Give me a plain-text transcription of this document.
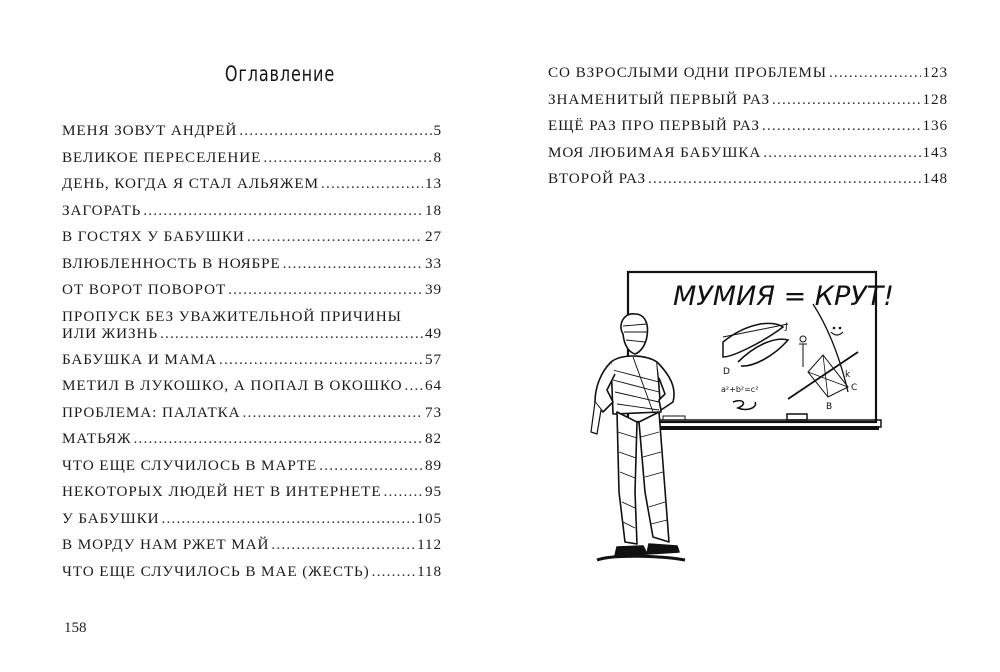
Оглавление
МЕНЯ ЗОВУТ АНДРЕЙ .....	5
ВЕЛИКОЕ ПЕРЕСЕЛЕНИЕ .....	8
ДЕНЬ, КОГДА Я СТАЛ АЛЬЯЖЕМ .....	13
ЗАГОРАТЬ .....	18
В ГОСТЯХ У БАБУШКИ .....	27
ВЛЮБЛЕННОСТЬ В НОЯБРЕ .....	33
ОТ ВОРОТ ПОВОРОТ .....	39
ПРОПУСК БЕЗ УВАЖИТЕЛЬНОЙ ПРИЧИНЫ
ИЛИ ЖИЗНЬ .....	49
БАБУШКА И МАМА .....	57
МЕТИЛ В ЛУКОШКО, А ПОПАЛ В ОКОШКО ..... 64
ПРОБЛЕМА: ПАЛАТКА .....	73
МАТЬЯЖ .....	82
ЧТО ЕЩЕ СЛУЧИЛОСЬ В МАРТЕ .....	89
НЕКОТОРЫХ ЛЮДЕЙ НЕТ В ИНТЕРНЕТЕ .....	95
У БАБУШКИ .....	105
В МОРДУ НАМ РЖЕТ МАЙ .....	112
ЧТО ЕЩЕ СЛУЧИЛОСЬ В МАЕ (ЖЕСТЬ) .....	118
158
СО ВЗРОСЛЫМИ ОДНИ ПРОБЛЕМЫ .....	123
ЗНАМЕНИТЫЙ ПЕРВЫЙ РАЗ .....	128
ЕЩЁ РАЗ ПРО ПЕРВЫЙ РАЗ .....	136
МОЯ ЛЮБИМАЯ БАБУШКА .....	143
ВТОРОЙ РАЗ .....	148
МУМИЯ = КРУТ!
D
J
a²+b²=c²
k
C
B
